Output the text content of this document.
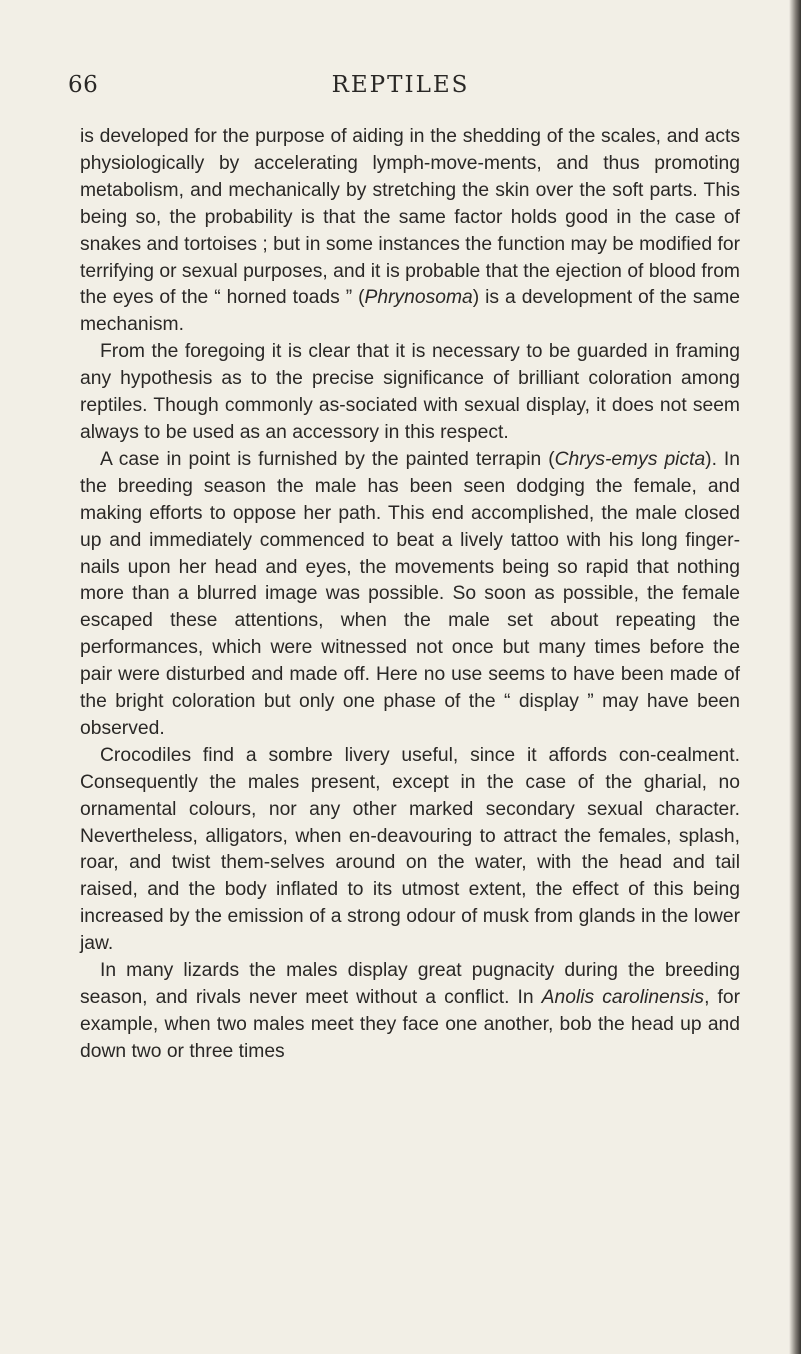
66	REPTILES

is developed for the purpose of aiding in the shedding of the scales, and acts physiologically by accelerating lymph-move-ments, and thus promoting metabolism, and mechanically by stretching the skin over the soft parts. This being so, the probability is that the same factor holds good in the case of snakes and tortoises ; but in some instances the function may be modified for terrifying or sexual purposes, and it is probable that the ejection of blood from the eyes of the “ horned toads ” (Phrynosoma) is a development of the same mechanism.

From the foregoing it is clear that it is necessary to be guarded in framing any hypothesis as to the precise significance of brilliant coloration among reptiles. Though commonly as-sociated with sexual display, it does not seem always to be used as an accessory in this respect.

A case in point is furnished by the painted terrapin (Chrys-emys picta). In the breeding season the male has been seen dodging the female, and making efforts to oppose her path. This end accomplished, the male closed up and immediately commenced to beat a lively tattoo with his long finger-nails upon her head and eyes, the movements being so rapid that nothing more than a blurred image was possible. So soon as possible, the female escaped these attentions, when the male set about repeating the performances, which were witnessed not once but many times before the pair were disturbed and made off. Here no use seems to have been made of the bright coloration but only one phase of the “ display ” may have been observed.

Crocodiles find a sombre livery useful, since it affords con-cealment. Consequently the males present, except in the case of the gharial, no ornamental colours, nor any other marked secondary sexual character. Nevertheless, alligators, when en-deavouring to attract the females, splash, roar, and twist them-selves around on the water, with the head and tail raised, and the body inflated to its utmost extent, the effect of this being increased by the emission of a strong odour of musk from glands in the lower jaw.

In many lizards the males display great pugnacity during the breeding season, and rivals never meet without a conflict. In Anolis carolinensis, for example, when two males meet they face one another, bob the head up and down two or three times
